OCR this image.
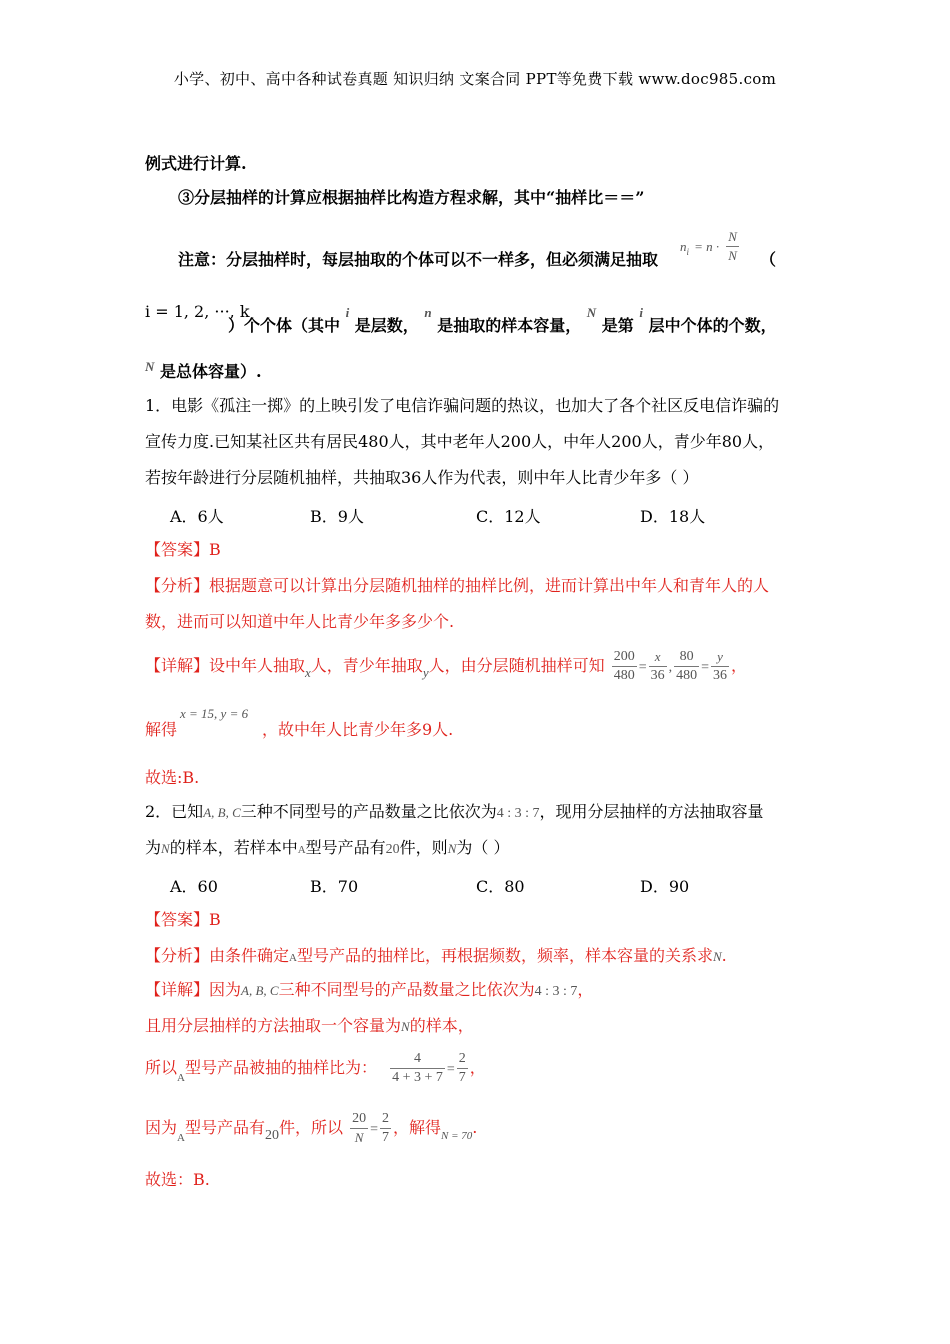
小学、初中、高中各种试卷真题 知识归纳 文案合同 PPT等免费下载 www.doc985.com
例式进行计算.
③分层抽样的计算应根据抽样比构造方程求解，其中“抽样比＝＝”
注意：分层抽样时，每层抽取的个体可以不一样多，但必须满足抽取
$n_i = n \cdot \frac{N}{N}$ （
i = 1, 2, ···, k
）个个体（其中 $^i$ 是层数， $^n$ 是抽取的样本容量， $^N$ 是第 $^i$ 层中个体的个数，
$^N$ 是总体容量）.
1．电影《孤注一掷》的上映引发了电信诈骗问题的热议，也加大了各个社区反电信诈骗的
宣传力度.已知某社区共有居民480人，其中老年人200人，中年人200人，青少年80人，
若按年龄进行分层随机抽样，共抽取36人作为代表，则中年人比青少年多（ ）
A．6人	B．9人	C．12人	D．18人
【答案】B
【分析】根据题意可以计算出分层随机抽样的抽样比例，进而计算出中年人和青年人的人
数，进而可以知道中年人比青少年多多少个.
【详解】设中年人抽取$_x$人，青少年抽取$_y$人，由分层随机抽样可知 $\frac{200}{480} = \frac{x}{36}$ , $\frac{80}{480} = \frac{y}{36}$ ，
解得
x = 15, y = 6
，故中年人比青少年多9人.
故选:B.
2．已知A, B, C三种不同型号的产品数量之比依次为4 : 3 : 7，现用分层抽样的方法抽取容量
为N的样本，若样本中A型号产品有20件，则N为（ ）
A．60	B．70	C．80	D．90
【答案】B
【分析】由条件确定A型号产品的抽样比，再根据频数，频率，样本容量的关系求N.
【详解】因为A, B, C三种不同型号的产品数量之比依次为4 : 3 : 7，
且用分层抽样的方法抽取一个容量为N的样本，
所以$_A$型号产品被抽的抽样比为： $\frac{4}{4 + 3 + 7} = \frac{2}{7}$ ，
因为$_A$型号产品有20件，所以 $\frac{20}{N} = \frac{2}{7}$ ，解得$_{N = 70}$.
故选：B.
